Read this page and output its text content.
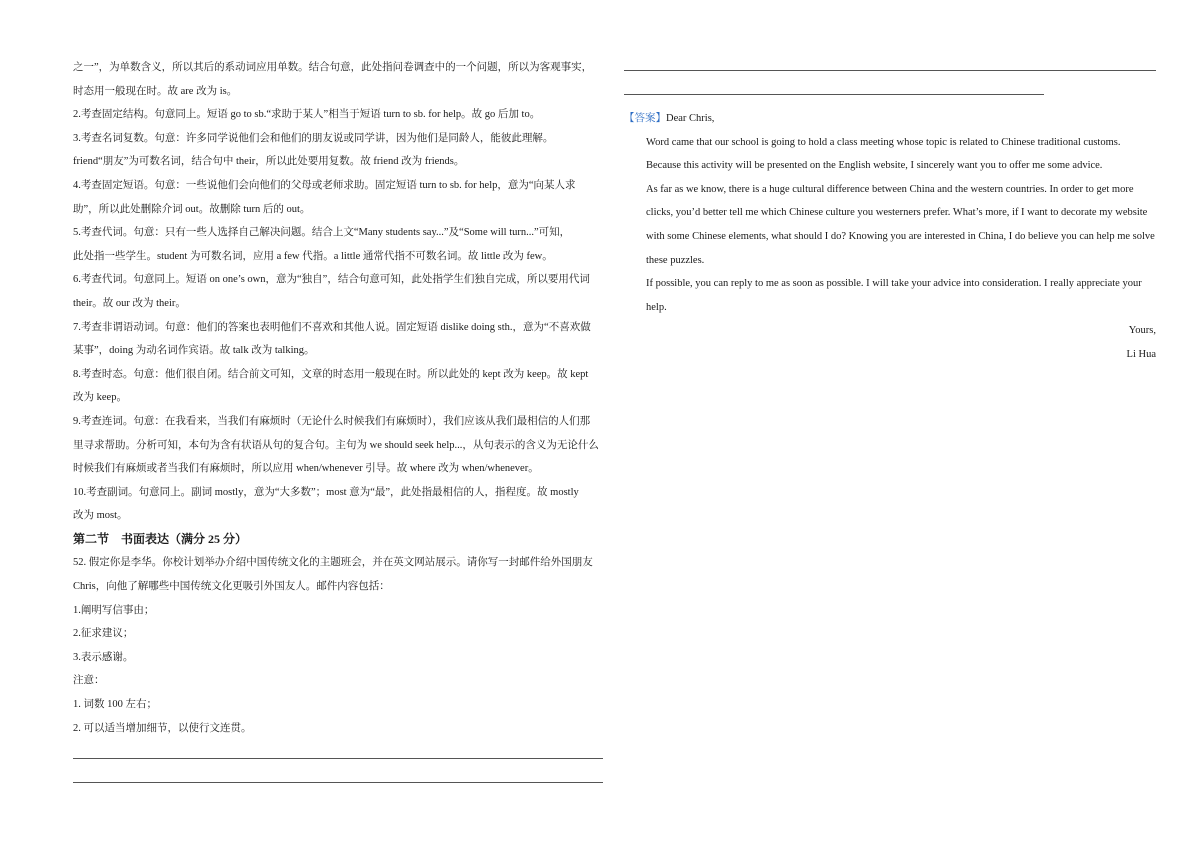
之一”，为单数含义，所以其后的系动词应用单数。结合句意，此处指问卷调查中的一个问题，所以为客观事实，
时态用一般现在时。故 are 改为 is。
2.考查固定结构。句意同上。短语 go to sb.“求助于某人”相当于短语 turn to sb. for help。故 go 后加 to。
3.考查名词复数。句意：许多同学说他们会和他们的朋友说或同学讲，因为他们是同龄人，能彼此理解。
friend“朋友”为可数名词，结合句中 their，所以此处要用复数。故 friend 改为 friends。
4.考查固定短语。句意：一些说他们会向他们的父母或老师求助。固定短语 turn to sb. for help，意为“向某人求
助”，所以此处删除介词 out。故删除 turn 后的 out。
5.考查代词。句意：只有一些人选择自己解决问题。结合上文“Many students say...”及“Some will turn...”可知，
此处指一些学生。student 为可数名词，应用 a few 代指。a little 通常代指不可数名词。故 little 改为 few。
6.考查代词。句意同上。短语 on one’s own，意为“独自”，结合句意可知，此处指学生们独自完成，所以要用代词
their。故 our 改为 their。
7.考查非谓语动词。句意：他们的答案也表明他们不喜欢和其他人说。固定短语 dislike doing sth.，意为“不喜欢做
某事”，doing 为动名词作宾语。故 talk 改为 talking。
8.考查时态。句意：他们很自闭。结合前文可知，文章的时态用一般现在时。所以此处的 kept 改为 keep。故 kept
改为 keep。
9.考查连词。句意：在我看来，当我们有麻烦时（无论什么时候我们有麻烦时），我们应该从我们最相信的人们那
里寻求帮助。分析可知，本句为含有状语从句的复合句。主句为 we should seek help...，从句表示的含义为无论什么
时候我们有麻烦或者当我们有麻烦时，所以应用 when/whenever 引导。故 where 改为 when/whenever。
10.考查副词。句意同上。副词 mostly，意为“大多数”；most 意为“最”，此处指最相信的人，指程度。故 mostly
改为 most。
第二节　书面表达（满分 25 分）
52. 假定你是李华。你校计划举办介绍中国传统文化的主题班会，并在英文网站展示。请你写一封邮件给外国朋友
Chris，向他了解哪些中国传统文化更吸引外国友人。邮件内容包括：
1.阐明写信事由；
2.征求建议；
3.表示感谢。
注意：
1. 词数 100 左右；
2. 可以适当增加细节，以使行文连贯。
【答案】Dear Chris,
Word came that our school is going to hold a class meeting whose topic is related to Chinese traditional customs. Because this activity will be presented on the English website, I sincerely want you to offer me some advice.
As far as we know, there is a huge cultural difference between China and the western countries. In order to get more clicks, you’d better tell me which Chinese culture you westerners prefer. What’s more, if I want to decorate my website with some Chinese elements, what should I do? Knowing you are interested in China, I do believe you can help me solve these puzzles.
If possible, you can reply to me as soon as possible. I will take your advice into consideration. I really appreciate your help.
Yours,
Li Hua
